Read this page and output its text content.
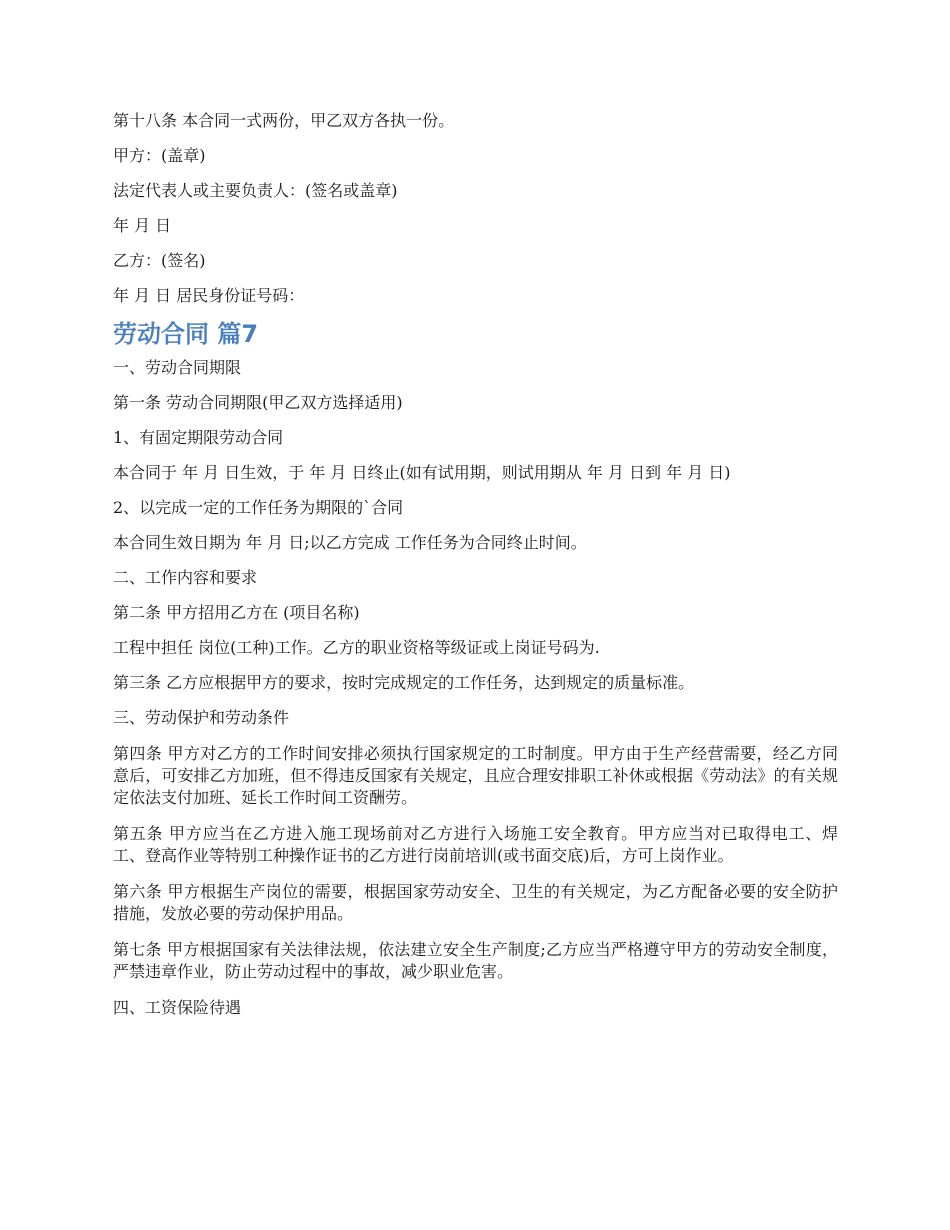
第十八条 本合同一式两份，甲乙双方各执一份。

甲方：(盖章)

法定代表人或主要负责人：(签名或盖章)

年 月 日

乙方：(签名)

年 月 日 居民身份证号码：

劳动合同 篇7

一、劳动合同期限

第一条 劳动合同期限(甲乙双方选择适用)

1、有固定期限劳动合同

本合同于 年 月 日生效，于 年 月 日终止(如有试用期，则试用期从 年 月 日到 年 月 日)

2、以完成一定的工作任务为期限的`合同

本合同生效日期为 年 月 日;以乙方完成 工作任务为合同终止时间。

二、工作内容和要求

第二条 甲方招用乙方在 (项目名称)

工程中担任 岗位(工种)工作。乙方的职业资格等级证或上岗证号码为.

第三条 乙方应根据甲方的要求，按时完成规定的工作任务，达到规定的质量标准。

三、劳动保护和劳动条件

第四条 甲方对乙方的工作时间安排必须执行国家规定的工时制度。甲方由于生产经营需要，经乙方同意后，可安排乙方加班，但不得违反国家有关规定，且应合理安排职工补休或根据《劳动法》的有关规定依法支付加班、延长工作时间工资酬劳。

第五条 甲方应当在乙方进入施工现场前对乙方进行入场施工安全教育。甲方应当对已取得电工、焊工、登高作业等特别工种操作证书的乙方进行岗前培训(或书面交底)后，方可上岗作业。

第六条 甲方根据生产岗位的需要，根据国家劳动安全、卫生的有关规定，为乙方配备必要的安全防护措施，发放必要的劳动保护用品。

第七条 甲方根据国家有关法律法规，依法建立安全生产制度;乙方应当严格遵守甲方的劳动安全制度，严禁违章作业，防止劳动过程中的事故，减少职业危害。

四、工资保险待遇
